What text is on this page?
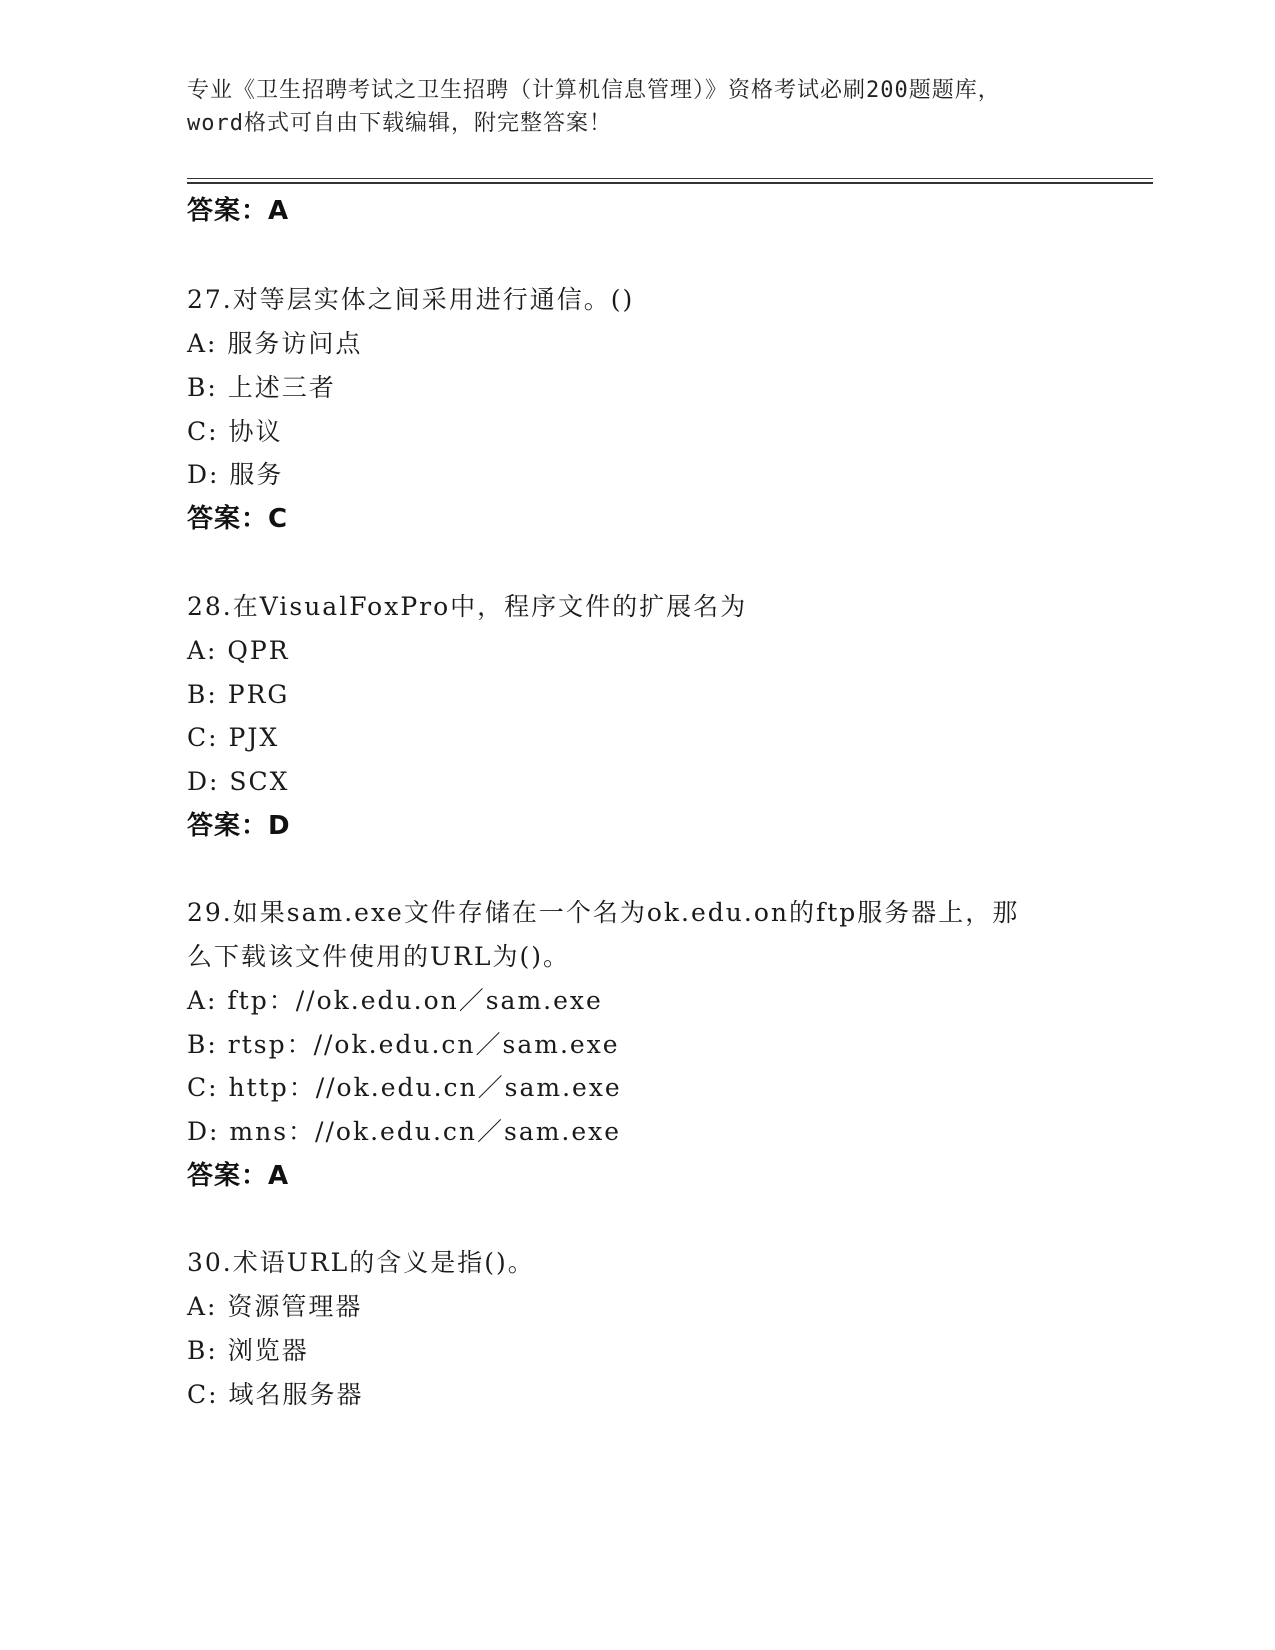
专业《卫生招聘考试之卫生招聘（计算机信息管理）》资格考试必刷200题题库，
word格式可自由下载编辑，附完整答案！
答案：A
27.对等层实体之间采用进行通信。()
A: 服务访问点
B: 上述三者
C: 协议
D: 服务
答案：C
28.在VisualFoxPro中，程序文件的扩展名为
A: QPR
B: PRG
C: PJX
D: SCX
答案：D
29.如果sam.exe文件存储在一个名为ok.edu.on的ftp服务器上，那
么下载该文件使用的URL为()。
A: ftp：//ok.edu.on／sam.exe
B: rtsp：//ok.edu.cn／sam.exe
C: http：//ok.edu.cn／sam.exe
D: mns：//ok.edu.cn／sam.exe
答案：A
30.术语URL的含义是指()。
A: 资源管理器
B: 浏览器
C: 域名服务器
